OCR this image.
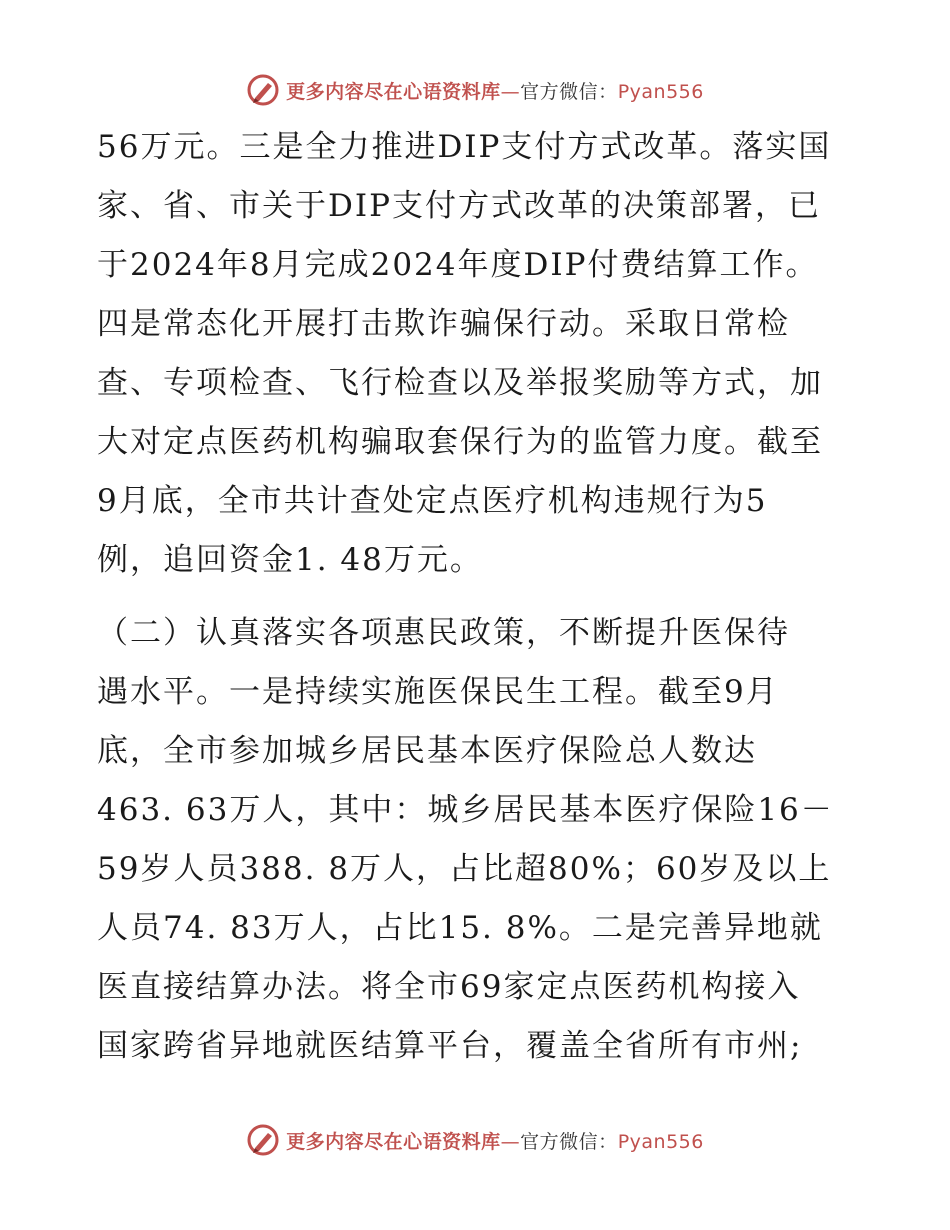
更多内容尽在心语资料库—官方微信：Pyan556
56万元。三是全力推进DIP支付方式改革。落实国
家、省、市关于DIP支付方式改革的决策部署，已
于2024年8月完成2024年度DIP付费结算工作。
四是常态化开展打击欺诈骗保行动。采取日常检
查、专项检查、飞行检查以及举报奖励等方式，加
大对定点医药机构骗取套保行为的监管力度。截至
9月底，全市共计查处定点医疗机构违规行为5
例，追回资金1. 48万元。
（二）认真落实各项惠民政策，不断提升医保待
遇水平。一是持续实施医保民生工程。截至9月
底，全市参加城乡居民基本医疗保险总人数达
463. 63万人，其中：城乡居民基本医疗保险16－
59岁人员388. 8万人，占比超80%；60岁及以上
人员74. 83万人，占比15. 8%。二是完善异地就
医直接结算办法。将全市69家定点医药机构接入
国家跨省异地就医结算平台，覆盖全省所有市州;
更多内容尽在心语资料库—官方微信：Pyan556
